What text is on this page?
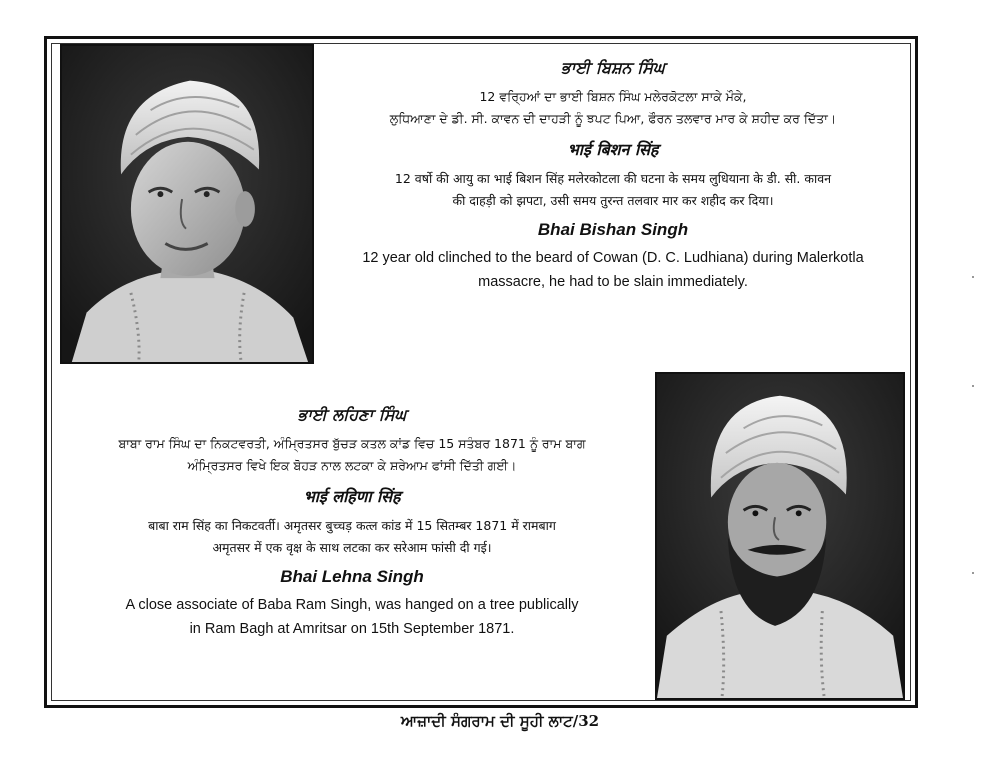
ਭਾਈ ਬਿਸ਼ਨ ਸਿੰਘ
12 ਵਰ੍ਹਿਆਂ ਦਾ ਭਾਈ ਬਿਸ਼ਨ ਸਿੰਘ ਮਲੇਰਕੋਟਲਾ ਸਾਕੇ ਮੌਕੇ,
ਲੁਧਿਆਣਾ ਦੇ ਡੀ. ਸੀ. ਕਾਵਨ ਦੀ ਦਾਹੜੀ ਨੂੰ ਝਪਟ ਪਿਆ, ਫੌਰਨ ਤਲਵਾਰ ਮਾਰ ਕੇ ਸ਼ਹੀਦ ਕਰ ਦਿੱਤਾ।
भाई बिशन सिंह
12 वर्षो की आयु का भाई बिशन सिंह मलेरकोटला की घटना के समय लुधियाना के डी. सी. कावन
की दाहड़ी को झपटा, उसी समय तुरन्त तलवार मार कर शहीद कर दिया।
Bhai Bishan Singh
12 year old clinched to the beard of Cowan (D. C. Ludhiana) during Malerkotla
massacre, he had to be slain immediately.
ਭਾਈ ਲਹਿਣਾ ਸਿੰਘ
ਬਾਬਾ ਰਾਮ ਸਿੰਘ ਦਾ ਨਿਕਟਵਰਤੀ, ਅੰਮ੍ਰਿਤਸਰ ਬੁੱਚੜ ਕਤਲ ਕਾਂਡ ਵਿਚ 15 ਸਤੰਬਰ 1871 ਨੂੰ ਰਾਮ ਬਾਗ
ਅੰਮ੍ਰਿਤਸਰ ਵਿਖੇ ਇਕ ਬੋਹੜ ਨਾਲ ਲਟਕਾ ਕੇ ਸ਼ਰੇਆਮ ਫਾਂਸੀ ਦਿੱਤੀ ਗਈ।
भाई लहिणा सिंह
बाबा राम सिंह का निकटवर्ती। अमृतसर बुच्चड़ कत्ल कांड में 15 सितम्बर 1871 में रामबाग
अमृतसर में एक वृक्ष के साथ लटका कर सरेआम फांसी दी गई।
Bhai Lehna Singh
A close associate of Baba Ram Singh, was hanged on a tree publically
in Ram Bagh at Amritsar on 15th September 1871.
ਆਜ਼ਾਦੀ ਸੰਗਰਾਮ ਦੀ ਸੂਹੀ ਲਾਟ/32
